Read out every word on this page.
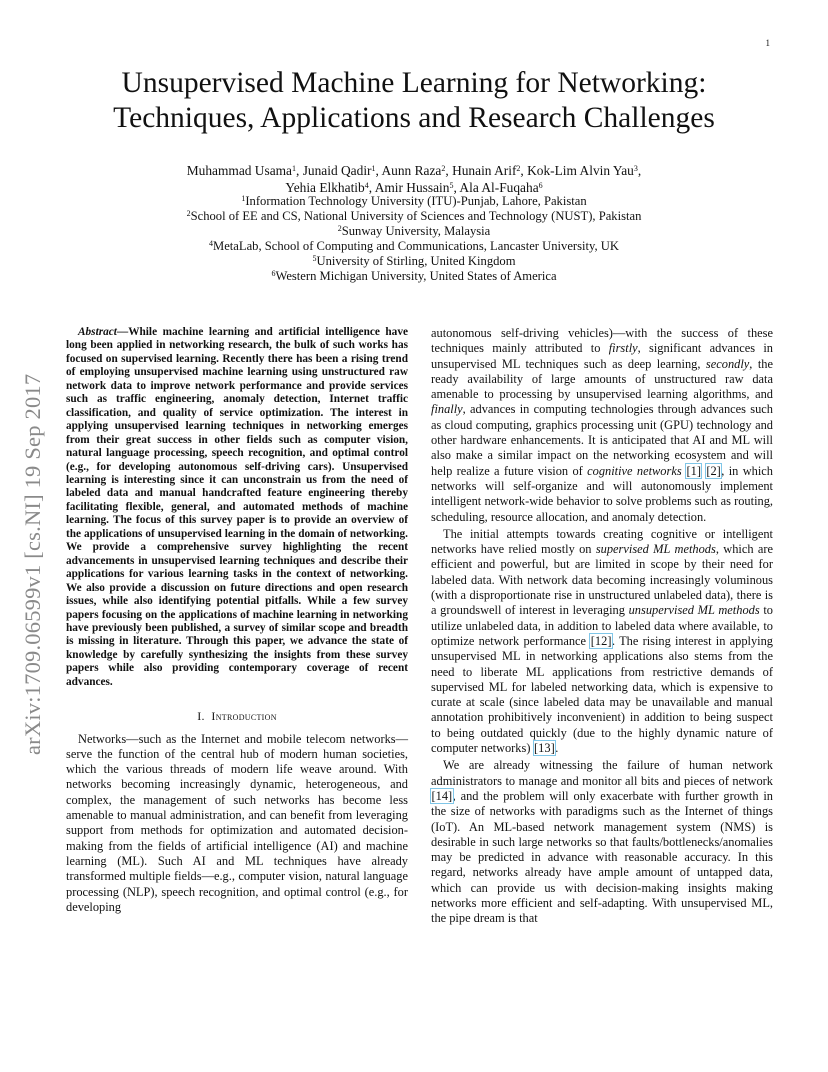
1
arXiv:1709.06599v1 [cs.NI] 19 Sep 2017
Unsupervised Machine Learning for Networking:
Techniques, Applications and Research Challenges
Muhammad Usama$^1$, Junaid Qadir$^1$, Aunn Raza$^2$, Hunain Arif$^2$, Kok-Lim Alvin Yau$^3$,
Yehia Elkhatib$^4$, Amir Hussain$^5$, Ala Al-Fuqaha$^6$
$^1$Information Technology University (ITU)-Punjab, Lahore, Pakistan
$^2$School of EE and CS, National University of Sciences and Technology (NUST), Pakistan
$^2$Sunway University, Malaysia
$^4$MetaLab, School of Computing and Communications, Lancaster University, UK
$^5$University of Stirling, United Kingdom
$^6$Western Michigan University, United States of America

Abstract—While machine learning and artificial intelligence have long been applied in networking research, the bulk of such works has focused on supervised learning. Recently there has been a rising trend of employing unsupervised machine learning using unstructured raw network data to improve network performance and provide services such as traffic engineering, anomaly detection, Internet traffic classification, and quality of service optimization. The interest in applying unsupervised learning techniques in networking emerges from their great success in other fields such as computer vision, natural language processing, speech recognition, and optimal control (e.g., for developing autonomous self-driving cars). Unsupervised learning is interesting since it can unconstrain us from the need of labeled data and manual handcrafted feature engineering thereby facilitating flexible, general, and automated methods of machine learning. The focus of this survey paper is to provide an overview of the applications of unsupervised learning in the domain of networking. We provide a comprehensive survey highlighting the recent advancements in unsupervised learning techniques and describe their applications for various learning tasks in the context of networking. We also provide a discussion on future directions and open research issues, while also identifying potential pitfalls. While a few survey papers focusing on the applications of machine learning in networking have previously been published, a survey of similar scope and breadth is missing in literature. Through this paper, we advance the state of knowledge by carefully synthesizing the insights from these survey papers while also providing contemporary coverage of recent advances.

I. Introduction

Networks—such as the Internet and mobile telecom networks—serve the function of the central hub of modern human societies, which the various threads of modern life weave around. With networks becoming increasingly dynamic, heterogeneous, and complex, the management of such networks has become less amenable to manual administration, and can benefit from leveraging support from methods for optimization and automated decision-making from the fields of artificial intelligence (AI) and machine learning (ML). Such AI and ML techniques have already transformed multiple fields—e.g., computer vision, natural language processing (NLP), speech recognition, and optimal control (e.g., for developing

autonomous self-driving vehicles)—with the success of these techniques mainly attributed to firstly, significant advances in unsupervised ML techniques such as deep learning, secondly, the ready availability of large amounts of unstructured raw data amenable to processing by unsupervised learning algorithms, and finally, advances in computing technologies through advances such as cloud computing, graphics processing unit (GPU) technology and other hardware enhancements. It is anticipated that AI and ML will also make a similar impact on the networking ecosystem and will help realize a future vision of cognitive networks [1] [2], in which networks will self-organize and will autonomously implement intelligent network-wide behavior to solve problems such as routing, scheduling, resource allocation, and anomaly detection.

The initial attempts towards creating cognitive or intelligent networks have relied mostly on supervised ML methods, which are efficient and powerful, but are limited in scope by their need for labeled data. With network data becoming increasingly voluminous (with a disproportionate rise in unstructured unlabeled data), there is a groundswell of interest in leveraging unsupervised ML methods to utilize unlabeled data, in addition to labeled data where available, to optimize network performance [12]. The rising interest in applying unsupervised ML in networking applications also stems from the need to liberate ML applications from restrictive demands of supervised ML for labeled networking data, which is expensive to curate at scale (since labeled data may be unavailable and manual annotation prohibitively inconvenient) in addition to being suspect to being outdated quickly (due to the highly dynamic nature of computer networks) [13].

We are already witnessing the failure of human network administrators to manage and monitor all bits and pieces of network [14], and the problem will only exacerbate with further growth in the size of networks with paradigms such as the Internet of things (IoT). An ML-based network management system (NMS) is desirable in such large networks so that faults/bottlenecks/anomalies may be predicted in advance with reasonable accuracy. In this regard, networks already have ample amount of untapped data, which can provide us with decision-making insights making networks more efficient and self-adapting. With unsupervised ML, the pipe dream is that
